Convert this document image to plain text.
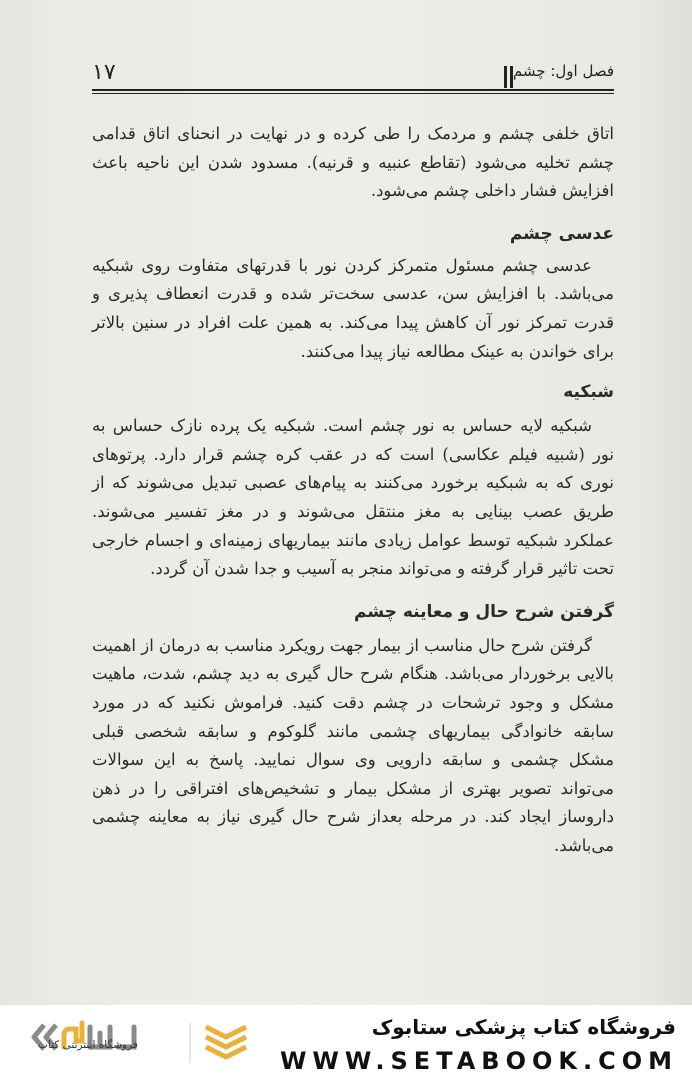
۱۷	فصل اول: چشم

اتاق خلفی چشم و مردمک را طی کرده و در نهایت در انحنای اتاق قدامی چشم تخلیه می‌شود (تقاطع عنبیه و قرنیه). مسدود شدن این ناحیه باعث افزایش فشار داخلی چشم می‌شود.

عدسی چشم

عدسی چشم مسئول متمرکز کردن نور با قدرتهای متفاوت روی شبکیه می‌باشد. با افزایش سن، عدسی سخت‌تر شده و قدرت انعطاف پذیری و قدرت تمرکز نور آن کاهش پیدا می‌کند. به همین علت افراد در سنین بالاتر برای خواندن به عینک مطالعه نیاز پیدا می‌کنند.

شبکیه

شبکیه لایه حساس به نور چشم است. شبکیه یک پرده نازک حساس به نور (شبیه فیلم عکاسی) است که در عقب کره چشم قرار دارد. پرتوهای نوری که به شبکیه برخورد می‌کنند به پیام‌های عصبی تبدیل می‌شوند که از طریق عصب بینایی به مغز منتقل می‌شوند و در مغز تفسیر می‌شوند. عملکرد شبکیه توسط عوامل زیادی مانند بیماریهای زمینه‌ای و اجسام خارجی تحت تاثیر قرار گرفته و می‌تواند منجر به آسیب و جدا شدن آن گردد.

گرفتن شرح حال و معاینه چشم

گرفتن شرح حال مناسب از بیمار جهت رویکرد مناسب به درمان از اهمیت بالایی برخوردار می‌باشد. هنگام شرح حال گیری به دید چشم، شدت، ماهیت مشکل و وجود ترشحات در چشم دقت کنید. فراموش نکنید که در مورد سابقه خانوادگی بیماریهای چشمی مانند گلوکوم و سابقه شخصی قبلی مشکل چشمی و سابقه دارویی وی سوال نمایید. پاسخ به این سوالات می‌تواند تصویر بهتری از مشکل بیمار و تشخیص‌های افتراقی را در ذهن داروساز ایجاد کند. در مرحله بعداز شرح حال گیری نیاز به معاینه چشمی می‌باشد.

فروشگاه اینترنتی کتاب
فروشگاه کتاب پزشکی ستابوک
WWW.SETABOOK.COM
